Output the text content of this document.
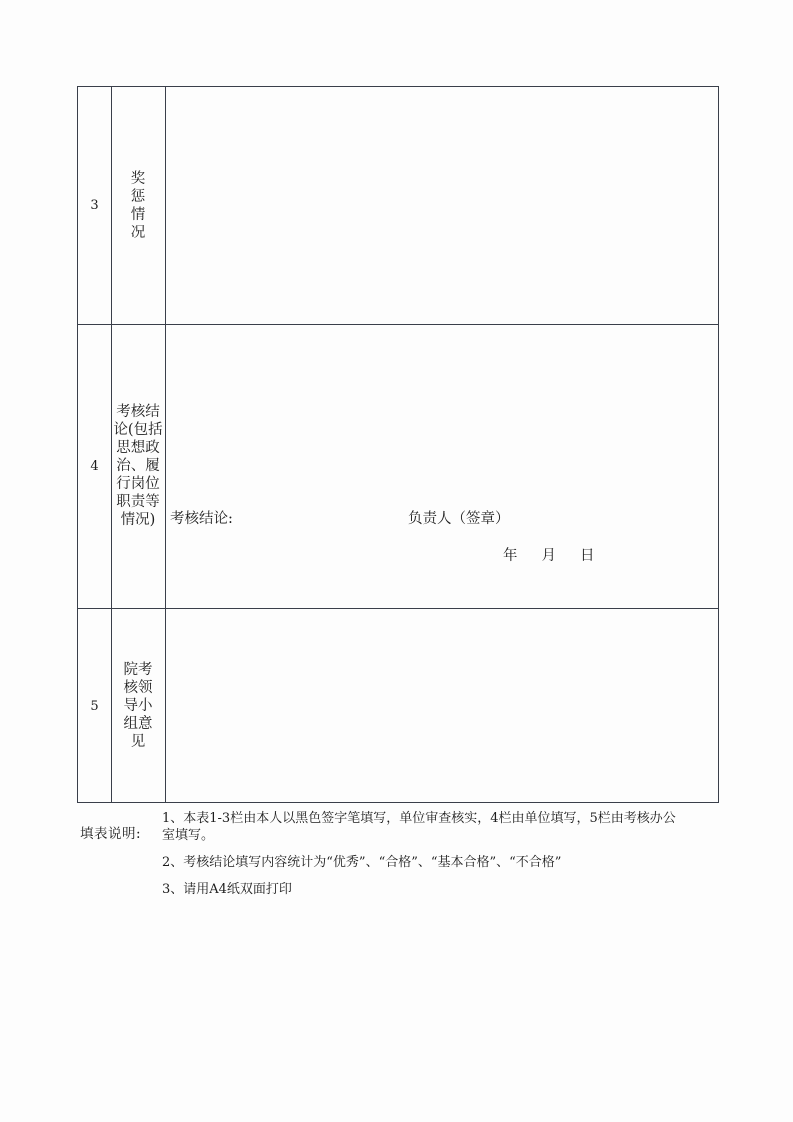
3
奖惩情况
4
考核结论(包括思想政治、履行岗位职责等情况)	考核结论:	负责人（签章）
年 月 日
5
院考核领导小组意见
填表说明:

1、本表1-3栏由本人以黑色签字笔填写，单位审查核实，4栏由单位填写，5栏由考核办公室填写。

2、考核结论填写内容统计为“优秀”、“合格”、“基本合格”、“不合格”

3、请用A4纸双面打印
